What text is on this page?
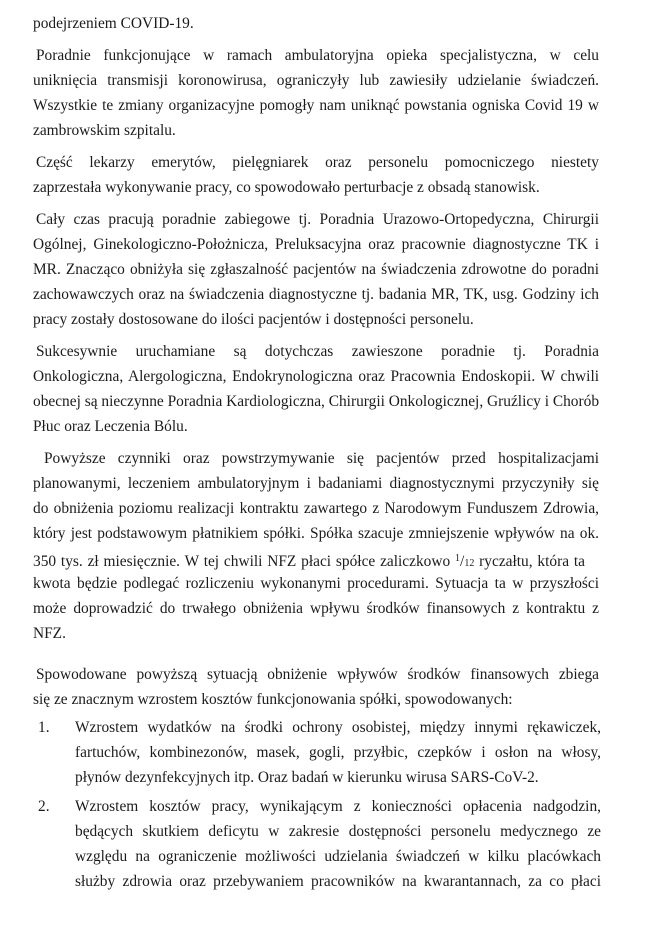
podejrzeniem COVID-19.
Poradnie funkcjonujące w ramach ambulatoryjna opieka specjalistyczna, w celu
uniknięcia transmisji koronowirusa, ograniczyły lub zawiesiły udzielanie świadczeń.
Wszystkie te zmiany organizacyjne pomogły nam uniknąć powstania ogniska Covid 19 w
zambrowskim szpitalu.
Część lekarzy emerytów, pielęgniarek oraz personelu pomocniczego niestety
zaprzestała wykonywanie pracy, co spowodowało perturbacje z obsadą stanowisk.
Cały czas pracują poradnie zabiegowe tj. Poradnia Urazowo-Ortopedyczna, Chirurgii
Ogólnej, Ginekologiczno-Położnicza, Preluksacyjna oraz pracownie diagnostyczne TK i
MR. Znacząco obniżyła się zgłaszalność pacjentów na świadczenia zdrowotne do poradni
zachowawczych oraz na świadczenia diagnostyczne tj. badania MR, TK, usg. Godziny ich
pracy zostały dostosowane do ilości pacjentów i dostępności personelu.
Sukcesywnie uruchamiane są dotychczas zawieszone poradnie tj. Poradnia
Onkologiczna, Alergologiczna, Endokrynologiczna oraz Pracownia Endoskopii. W chwili
obecnej są nieczynne Poradnia Kardiologiczna, Chirurgii Onkologicznej, Gruźlicy i Chorób
Płuc oraz Leczenia Bólu.
Powyższe czynniki oraz powstrzymywanie się pacjentów przed hospitalizacjami
planowanymi, leczeniem ambulatoryjnym i badaniami diagnostycznymi przyczyniły się
do obniżenia poziomu realizacji kontraktu zawartego z Narodowym Funduszem Zdrowia,
który jest podstawowym płatnikiem spółki. Spółka szacuje zmniejszenie wpływów na ok.
350 tys. zł miesięcznie. W tej chwili NFZ płaci spółce zaliczkowo $^1$/12 ryczałtu, która ta
kwota będzie podlegać rozliczeniu wykonanymi procedurami. Sytuacja ta w przyszłości
może doprowadzić do trwałego obniżenia wpływu środków finansowych z kontraktu z
NFZ.
Spowodowane powyższą sytuacją obniżenie wpływów środków finansowych zbiega
się ze znacznym wzrostem kosztów funkcjonowania spółki, spowodowanych:
1. Wzrostem wydatków na środki ochrony osobistej, między innymi rękawiczek,
fartuchów, kombinezonów, masek, gogli, przyłbic, czepków i osłon na włosy,
płynów dezynfekcyjnych itp. Oraz badań w kierunku wirusa SARS-CoV-2.
2. Wzrostem kosztów pracy, wynikającym z konieczności opłacenia nadgodzin,
będących skutkiem deficytu w zakresie dostępności personelu medycznego ze
względu na ograniczenie możliwości udzielania świadczeń w kilku placówkach
służby zdrowia oraz przebywaniem pracowników na kwarantannach, za co płaci
